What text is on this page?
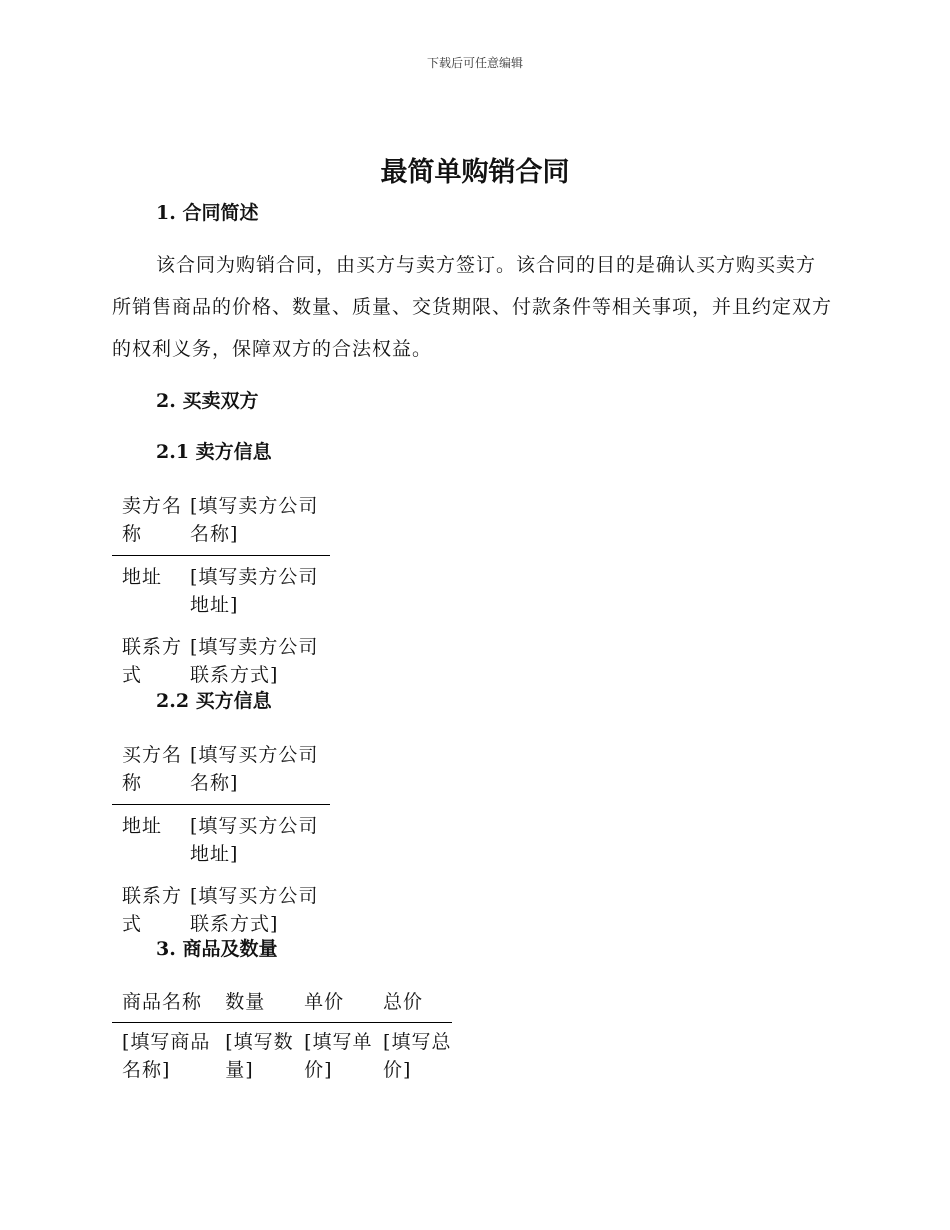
下载后可任意编辑
最简单购销合同
1. 合同简述

该合同为购销合同，由买方与卖方签订。该合同的目的是确认买方购买卖方所销售商品的价格、数量、质量、交货期限、付款条件等相关事项，并且约定双方的权利义务，保障双方的合法权益。

2. 买卖双方
2.1 卖方信息
卖方名称	[填写卖方公司名称]
地址	[填写卖方公司地址]
联系方式	[填写卖方公司联系方式]
2.2 买方信息
买方名称	[填写买方公司名称]
地址	[填写买方公司地址]
联系方式	[填写买方公司联系方式]
3. 商品及数量
商品名称	数量	单价	总价
[填写商品名称]	[填写数量]	[填写单价]	[填写总价]
